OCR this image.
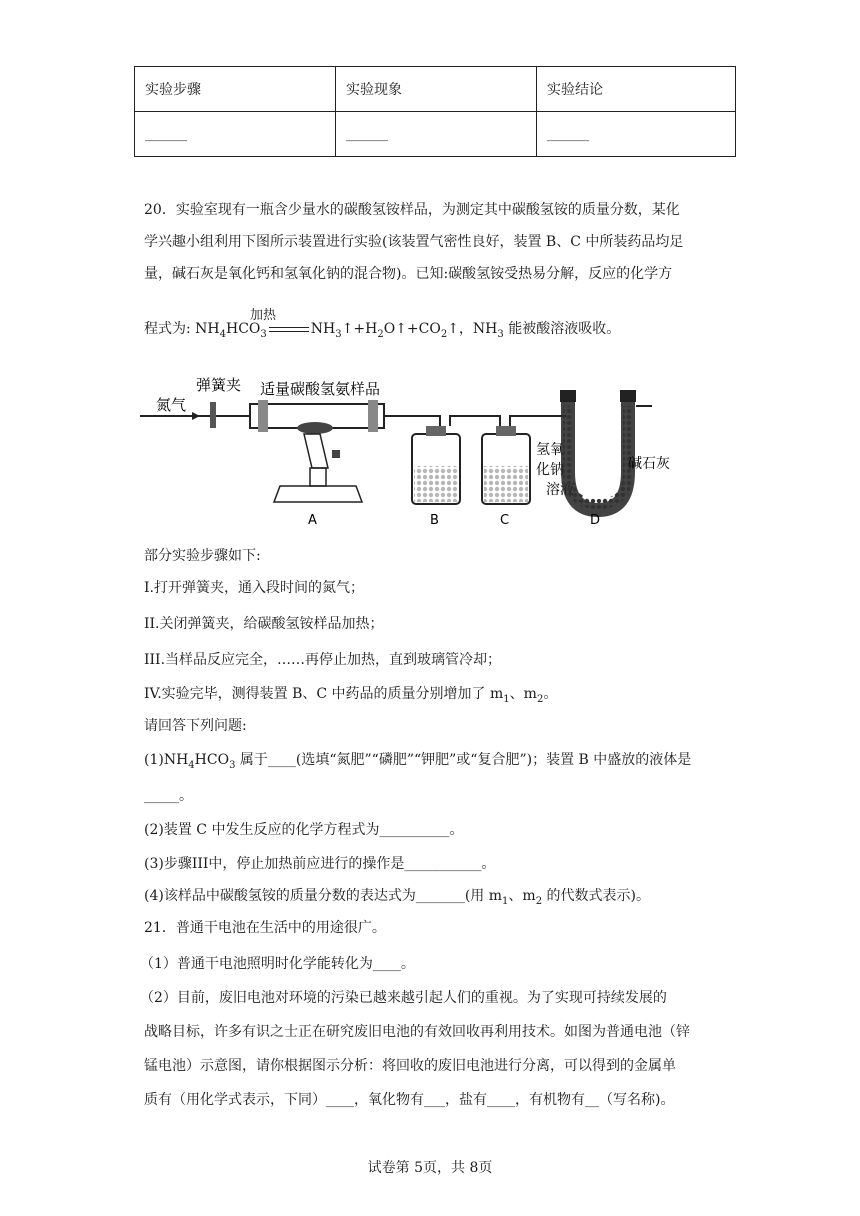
实验步骤	实验现象	实验结论
______	______	______
20．实验室现有一瓶含少量水的碳酸氢铵样品，为测定其中碳酸氢铵的质量分数，某化
学兴趣小组利用下图所示装置进行实验(该装置气密性良好，装置 B、C 中所装药品均足
量，碱石灰是氧化钙和氢氧化钠的混合物)。已知:碳酸氢铵受热易分解，反应的化学方
加热
程式为: $NH_4HCO_3$	$NH_3↑+H_2O↑+CO_2↑$，$NH_3$ 能被酸溶液吸收。
弹簧夹 适量碳酸氢氨样品
氮气
A	B	C
氢氧
化钠
溶液
碱石灰
D
部分实验步骤如下:
I.打开弹簧夹，通入段时间的氮气；
II.关闭弹簧夹，给碳酸氢铵样品加热；
III.当样品反应完全，……再停止加热，直到玻璃管冷却；
IV.实验完毕，测得装置 B、C 中药品的质量分别增加了 $m_1$、$m_2$。
请回答下列问题:
$(1)NH_4HCO_3$ 属于____(选填“氮肥”“磷肥”“钾肥”或“复合肥”)；装置 B 中盛放的液体是
_____。
(2)装置 C 中发生反应的化学方程式为__________。
(3)步骤III中，停止加热前应进行的操作是___________。
(4)该样品中碳酸氢铵的质量分数的表达式为_______(用 $m_1$、$m_2$ 的代数式表示)。
21．普通干电池在生活中的用途很广。
（1）普通干电池照明时化学能转化为____。
（2）目前，废旧电池对环境的污染已越来越引起人们的重视。为了实现可持续发展的
战略目标，许多有识之士正在研究废旧电池的有效回收再利用技术。如图为普通电池（锌
锰电池）示意图，请你根据图示分析：将回收的废旧电池进行分离，可以得到的金属单
质有（用化学式表示，下同）____，氧化物有___，盐有____，有机物有__（写名称)。
试卷第 5页，共 8页
